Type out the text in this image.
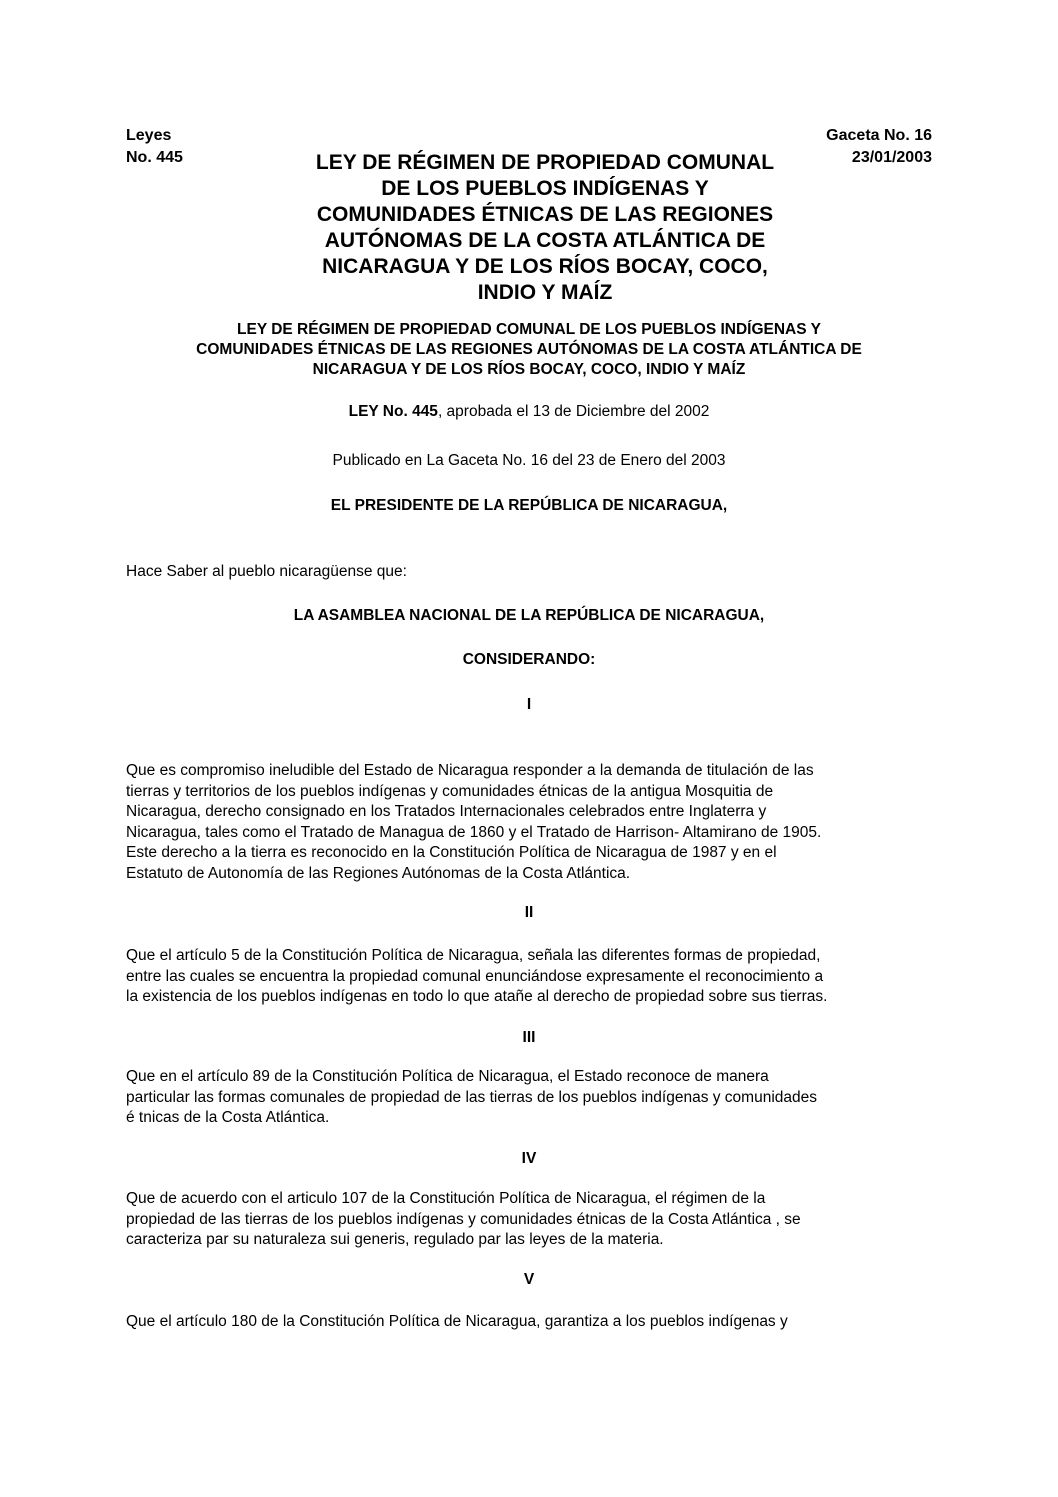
Leyes
No. 445
Gaceta No. 16
23/01/2003
LEY DE RÉGIMEN DE PROPIEDAD COMUNAL
DE LOS PUEBLOS INDÍGENAS Y
COMUNIDADES ÉTNICAS DE LAS REGIONES
AUTÓNOMAS DE LA COSTA ATLÁNTICA DE
NICARAGUA Y DE LOS RÍOS BOCAY, COCO,
INDIO Y MAÍZ
LEY DE RÉGIMEN DE PROPIEDAD COMUNAL DE LOS PUEBLOS INDÍGENAS Y
COMUNIDADES ÉTNICAS DE LAS REGIONES AUTÓNOMAS DE LA COSTA ATLÁNTICA DE
NICARAGUA Y DE LOS RÍOS BOCAY, COCO, INDIO Y MAÍZ
LEY No. 445, aprobada el 13 de Diciembre del 2002
Publicado en La Gaceta No. 16 del 23 de Enero del 2003
EL PRESIDENTE DE LA REPÚBLICA DE NICARAGUA,
Hace Saber al pueblo nicaragüense que:
LA ASAMBLEA NACIONAL DE LA REPÚBLICA DE NICARAGUA,
CONSIDERANDO:
I
Que es compromiso ineludible del Estado de Nicaragua responder a la demanda de titulación de las
tierras y territorios de los pueblos indígenas y comunidades étnicas de la antigua Mosquitia de
Nicaragua, derecho consignado en los Tratados Internacionales celebrados entre Inglaterra y
Nicaragua, tales como el Tratado de Managua de 1860 y el Tratado de Harrison- Altamirano de 1905.
Este derecho a la tierra es reconocido en la Constitución Política de Nicaragua de 1987 y en el
Estatuto de Autonomía de las Regiones Autónomas de la Costa Atlántica.
II
Que el artículo 5 de la Constitución Política de Nicaragua, señala las diferentes formas de propiedad,
entre las cuales se encuentra la propiedad comunal enunciándose expresamente el reconocimiento a
la existencia de los pueblos indígenas en todo lo que atañe al derecho de propiedad sobre sus tierras.
III
Que en el artículo 89 de la Constitución Política de Nicaragua, el Estado reconoce de manera
particular las formas comunales de propiedad de las tierras de los pueblos indígenas y comunidades
é tnicas de la Costa Atlántica.
IV
Que de acuerdo con el articulo 107 de la Constitución Política de Nicaragua, el régimen de la
propiedad de las tierras de los pueblos indígenas y comunidades étnicas de la Costa Atlántica , se
caracteriza par su naturaleza sui generis, regulado par las leyes de la materia.
V
Que el artículo 180 de la Constitución Política de Nicaragua, garantiza a los pueblos indígenas y
